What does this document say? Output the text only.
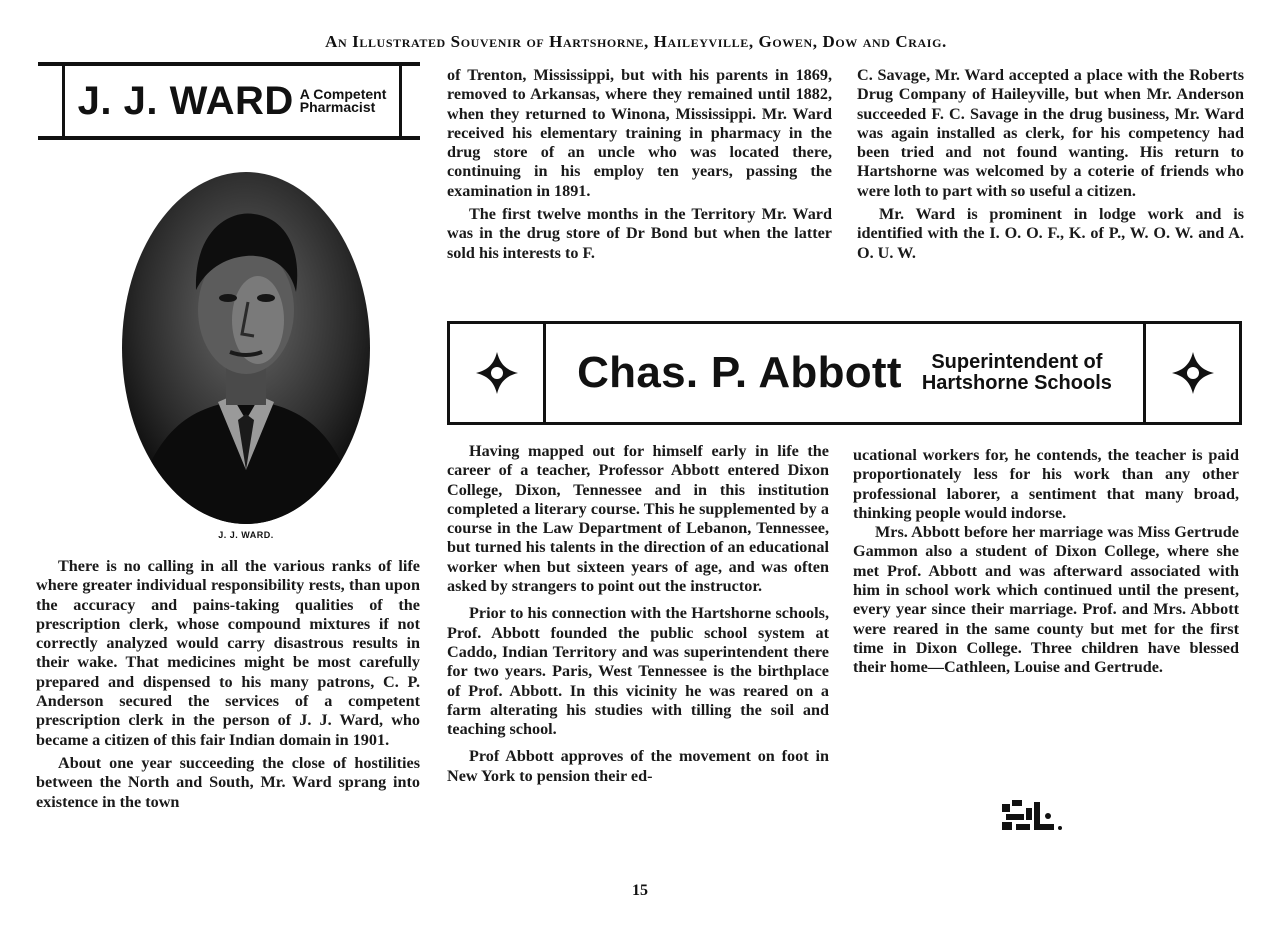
An Illustrated Souvenir of Hartshorne, Haileyville, Gowen, Dow and Craig.
J. J. WARD A Competent
Pharmacist
J. J. WARD.

There is no calling in all the various ranks of life where greater individual responsibility rests, than upon the accuracy and pains-taking qualities of the prescription clerk, whose compound mixtures if not correctly analyzed would carry disastrous results in their wake. That medicines might be most carefully prepared and dispensed to his many patrons, C. P. Anderson secured the services of a competent prescription clerk in the person of J. J. Ward, who became a citizen of this fair Indian domain in 1901.

About one year succeeding the close of hostilities between the North and South, Mr. Ward sprang into existence in the town

of Trenton, Mississippi, but with his parents in 1869, removed to Arkansas, where they remained until 1882, when they returned to Winona, Mississippi. Mr. Ward received his elementary training in pharmacy in the drug store of an uncle who was located there, continuing in his employ ten years, passing the examination in 1891.

The first twelve months in the Territory Mr. Ward was in the drug store of Dr Bond but when the latter sold his interests to F.

C. Savage, Mr. Ward accepted a place with the Roberts Drug Company of Haileyville, but when Mr. Anderson succeeded F. C. Savage in the drug business, Mr. Ward was again installed as clerk, for his competency had been tried and not found wanting. His return to Hartshorne was welcomed by a coterie of friends who were loth to part with so useful a citizen.

Mr. Ward is prominent in lodge work and is identified with the I. O. O. F., K. of P., W. O. W. and A. O. U. W.

Chas. P. Abbott	Superintendent of
Hartshorne Schools

Having mapped out for himself early in life the career of a teacher, Professor Abbott entered Dixon College, Dixon, Tennessee and in this institution completed a literary course. This he supplemented by a course in the Law Department of Lebanon, Tennessee, but turned his talents in the direction of an educational worker when but sixteen years of age, and was often asked by strangers to point out the instructor.

Prior to his connection with the Hartshorne schools, Prof. Abbott founded the public school system at Caddo, Indian Territory and was superintendent there for two years. Paris, West Tennessee is the birthplace of Prof. Abbott. In this vicinity he was reared on a farm alterating his studies with tilling the soil and teaching school.

Prof Abbott approves of the movement on foot in New York to pension their ed-

ucational workers for, he contends, the teacher is paid proportionately less for his work than any other professional laborer, a sentiment that many broad, thinking people would indorse.

Mrs. Abbott before her marriage was Miss Gertrude Gammon also a student of Dixon College, where she met Prof. Abbott and was afterward associated with him in school work which continued until the present, every year since their marriage. Prof. and Mrs. Abbott were reared in the same county but met for the first time in Dixon College. Three children have blessed their home—Cathleen, Louise and Gertrude.

15
